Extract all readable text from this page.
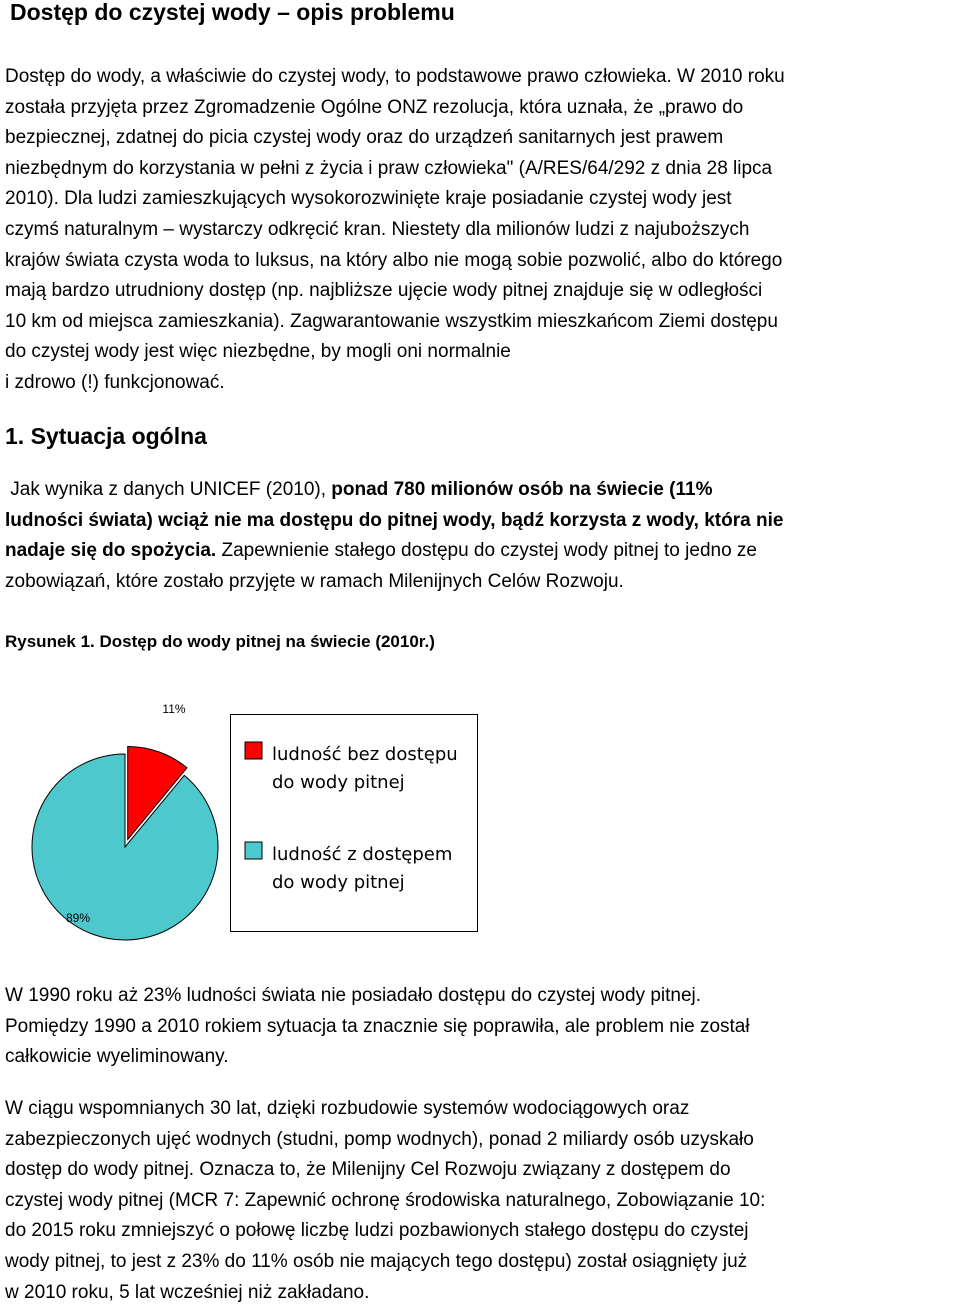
Dostęp do czystej wody – opis problemu
Dostęp do wody, a właściwie do czystej wody, to podstawowe prawo człowieka. W 2010 roku
została przyjęta przez Zgromadzenie Ogólne ONZ rezolucja, która uznała, że „prawo do
bezpiecznej, zdatnej do picia czystej wody oraz do urządzeń sanitarnych jest prawem
niezbędnym do korzystania w pełni z życia i praw człowieka" (A/RES/64/292 z dnia 28 lipca
2010). Dla ludzi zamieszkujących wysokorozwinięte kraje posiadanie czystej wody jest
czymś naturalnym – wystarczy odkręcić kran. Niestety dla milionów ludzi z najuboższych
krajów świata czysta woda to luksus, na który albo nie mogą sobie pozwolić, albo do którego
mają bardzo utrudniony dostęp (np. najbliższe ujęcie wody pitnej znajduje się w odległości
10 km od miejsca zamieszkania). Zagwarantowanie wszystkim mieszkańcom Ziemi dostępu
do czystej wody jest więc niezbędne, by mogli oni normalnie
i zdrowo (!) funkcjonować.
1. Sytuacja ogólna
Jak wynika z danych UNICEF (2010), ponad 780 milionów osób na świecie (11%
ludności świata) wciąż nie ma dostępu do pitnej wody, bądź korzysta z wody, która nie
nadaje się do spożycia. Zapewnienie stałego dostępu do czystej wody pitnej to jedno ze
zobowiązań, które zostało przyjęte w ramach Milenijnych Celów Rozwoju.
Rysunek 1. Dostęp do wody pitnej na świecie (2010r.)
11%
89%
ludność bez dostępu
do wody pitnej
ludność z dostępem
do wody pitnej
W 1990 roku aż 23% ludności świata nie posiadało dostępu do czystej wody pitnej.
Pomiędzy 1990 a 2010 rokiem sytuacja ta znacznie się poprawiła, ale problem nie został
całkowicie wyeliminowany.
W ciągu wspomnianych 30 lat, dzięki rozbudowie systemów wodociągowych oraz
zabezpieczonych ujęć wodnych (studni, pomp wodnych), ponad 2 miliardy osób uzyskało
dostęp do wody pitnej. Oznacza to, że Milenijny Cel Rozwoju związany z dostępem do
czystej wody pitnej (MCR 7: Zapewnić ochronę środowiska naturalnego, Zobowiązanie 10:
do 2015 roku zmniejszyć o połowę liczbę ludzi pozbawionych stałego dostępu do czystej
wody pitnej, to jest z 23% do 11% osób nie mających tego dostępu) został osiągnięty już
w 2010 roku, 5 lat wcześniej niż zakładano.
